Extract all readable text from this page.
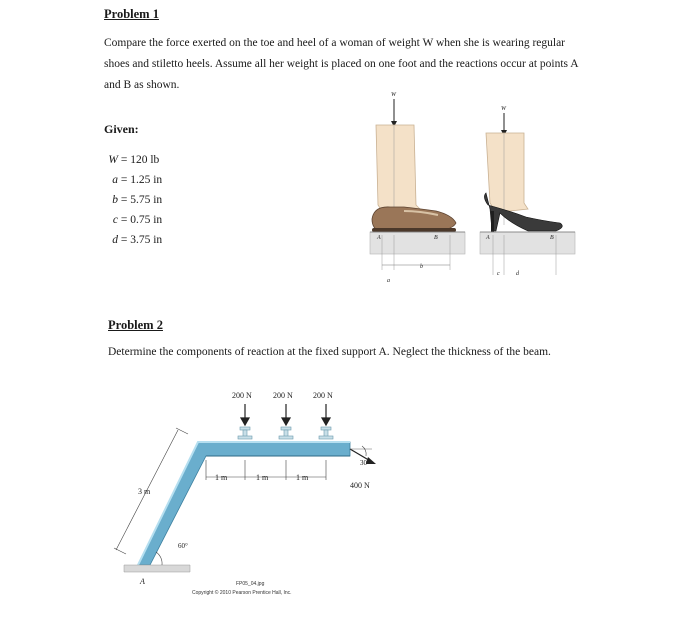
Problem 1
Compare the force exerted on the toe and heel of a woman of weight W when she is wearing regular shoes and stiletto heels. Assume all her weight is placed on one foot and the reactions occur at points A and B as shown.
Given:
W = 120 lb
a = 1.25 in
b = 5.75 in
c = 0.75 in
d = 3.75 in
W
W
A	B	A	B
a
b
c	d
Problem 2
Determine the components of reaction at the fixed support A. Neglect the thickness of the beam.
200 N	200 N	200 N
A
3 m
60°
1 m	1 m	1 m
30°
400 N
FP05_04.jpg
Copyright © 2010 Pearson Prentice Hall, Inc.
